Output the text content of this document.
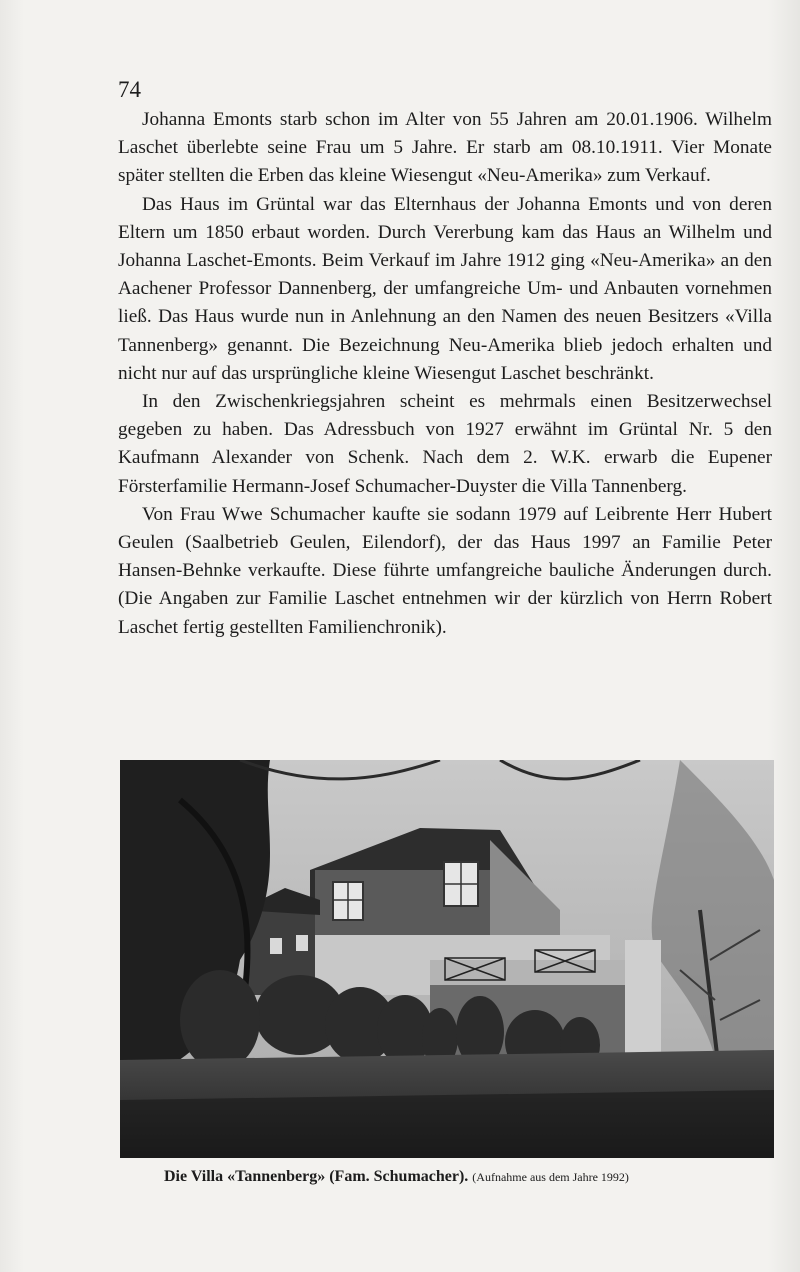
74

Johanna Emonts starb schon im Alter von 55 Jahren am 20.01.1906. Wilhelm Laschet überlebte seine Frau um 5 Jahre. Er starb am 08.10.1911. Vier Monate später stellten die Erben das kleine Wiesengut «Neu-Amerika» zum Verkauf.

Das Haus im Grüntal war das Elternhaus der Johanna Emonts und von deren Eltern um 1850 erbaut worden. Durch Vererbung kam das Haus an Wilhelm und Johanna Laschet-Emonts. Beim Verkauf im Jahre 1912 ging «Neu-Amerika» an den Aachener Professor Dannenberg, der umfangreiche Um- und Anbauten vornehmen ließ. Das Haus wurde nun in Anlehnung an den Namen des neuen Besitzers «Villa Tannenberg» genannt. Die Bezeichnung Neu-Amerika blieb jedoch erhalten und nicht nur auf das ursprüngliche kleine Wiesengut Laschet beschränkt.

In den Zwischenkriegsjahren scheint es mehrmals einen Besitzerwechsel gegeben zu haben. Das Adressbuch von 1927 erwähnt im Grüntal Nr. 5 den Kaufmann Alexander von Schenk. Nach dem 2. W.K. erwarb die Eupener Försterfamilie Hermann-Josef Schumacher-Duyster die Villa Tannenberg.

Von Frau Wwe Schumacher kaufte sie sodann 1979 auf Leibrente Herr Hubert Geulen (Saalbetrieb Geulen, Eilendorf), der das Haus 1997 an Familie Peter Hansen-Behnke verkaufte. Diese führte umfangreiche bauliche Änderungen durch. (Die Angaben zur Familie Laschet entnehmen wir der kürzlich von Herrn Robert Laschet fertig gestellten Familienchronik).

Die Villa «Tannenberg» (Fam. Schumacher). (Aufnahme aus dem Jahre 1992)
